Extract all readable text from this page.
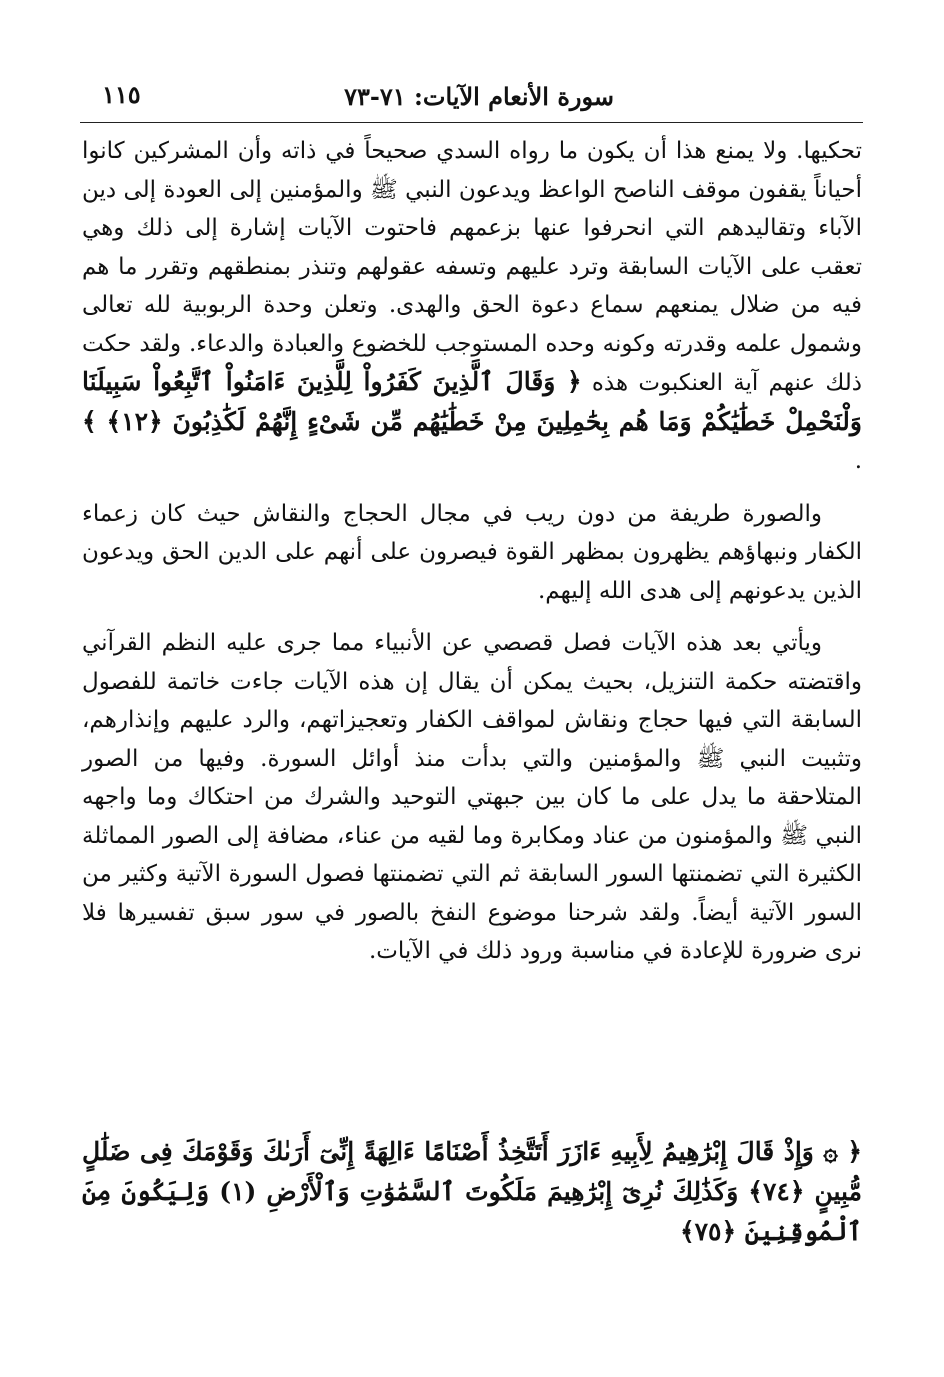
سورة الأنعام الآيات: ٧١-٧٣
١١٥

تحكيها. ولا يمنع هذا أن يكون ما رواه السدي صحيحاً في ذاته وأن المشركين كانوا أحياناً يقفون موقف الناصح الواعظ ويدعون النبي ﷺ والمؤمنين إلى العودة إلى دين الآباء وتقاليدهم التي انحرفوا عنها بزعمهم فاحتوت الآيات إشارة إلى ذلك وهي تعقب على الآيات السابقة وترد عليهم وتسفه عقولهم وتنذر بمنطقهم وتقرر ما هم فيه من ضلال يمنعهم سماع دعوة الحق والهدى. وتعلن وحدة الربوبية لله تعالى وشمول علمه وقدرته وكونه وحده المستوجب للخضوع والعبادة والدعاء. ولقد حكت ذلك عنهم آية العنكبوت هذه ﴿ وَقَالَ ٱلَّذِينَ كَفَرُواْ لِلَّذِينَ ءَامَنُواْ ٱتَّبِعُواْ سَبِيلَنَا وَلْنَحْمِلْ خَطَٰيَٰكُمْ وَمَا هُم بِحَٰمِلِينَ مِنْ خَطَٰيَٰهُم مِّن شَىْءٍ إِنَّهُمْ لَكَٰذِبُونَ ﴿١٢﴾ ﴾ .

والصورة طريفة من دون ريب في مجال الحجاج والنقاش حيث كان زعماء الكفار ونبهاؤهم يظهرون بمظهر القوة فيصرون على أنهم على الدين الحق ويدعون الذين يدعونهم إلى هدى الله إليهم.

ويأتي بعد هذه الآيات فصل قصصي عن الأنبياء مما جرى عليه النظم القرآني واقتضته حكمة التنزيل، بحيث يمكن أن يقال إن هذه الآيات جاءت خاتمة للفصول السابقة التي فيها حجاج ونقاش لمواقف الكفار وتعجيزاتهم، والرد عليهم وإنذارهم، وتثبيت النبي ﷺ والمؤمنين والتي بدأت منذ أوائل السورة. وفيها من الصور المتلاحقة ما يدل على ما كان بين جبهتي التوحيد والشرك من احتكاك وما واجهه النبي ﷺ والمؤمنون من عناد ومكابرة وما لقيه من عناء، مضافة إلى الصور المماثلة الكثيرة التي تضمنتها السور السابقة ثم التي تضمنتها فصول السورة الآتية وكثير من السور الآتية أيضاً. ولقد شرحنا موضوع النفخ بالصور في سور سبق تفسيرها فلا نرى ضرورة للإعادة في مناسبة ورود ذلك في الآيات.

﴿ ۞ وَإِذْ قَالَ إِبْرَٰهِيمُ لِأَبِيهِ ءَازَرَ أَتَتَّخِذُ أَصْنَامًا ءَالِهَةً إِنِّىٓ أَرَىٰكَ وَقَوْمَكَ فِى ضَلَٰلٍ مُّبِينٍ ﴿٧٤﴾ وَكَذَٰلِكَ نُرِىٓ إِبْرَٰهِيمَ مَلَكُوتَ ٱلسَّمَٰوَٰتِ وَٱلْأَرْضِ (١) وَلِيَكُونَ مِنَ ٱلْمُوقِنِينَ ﴿٧٥﴾
